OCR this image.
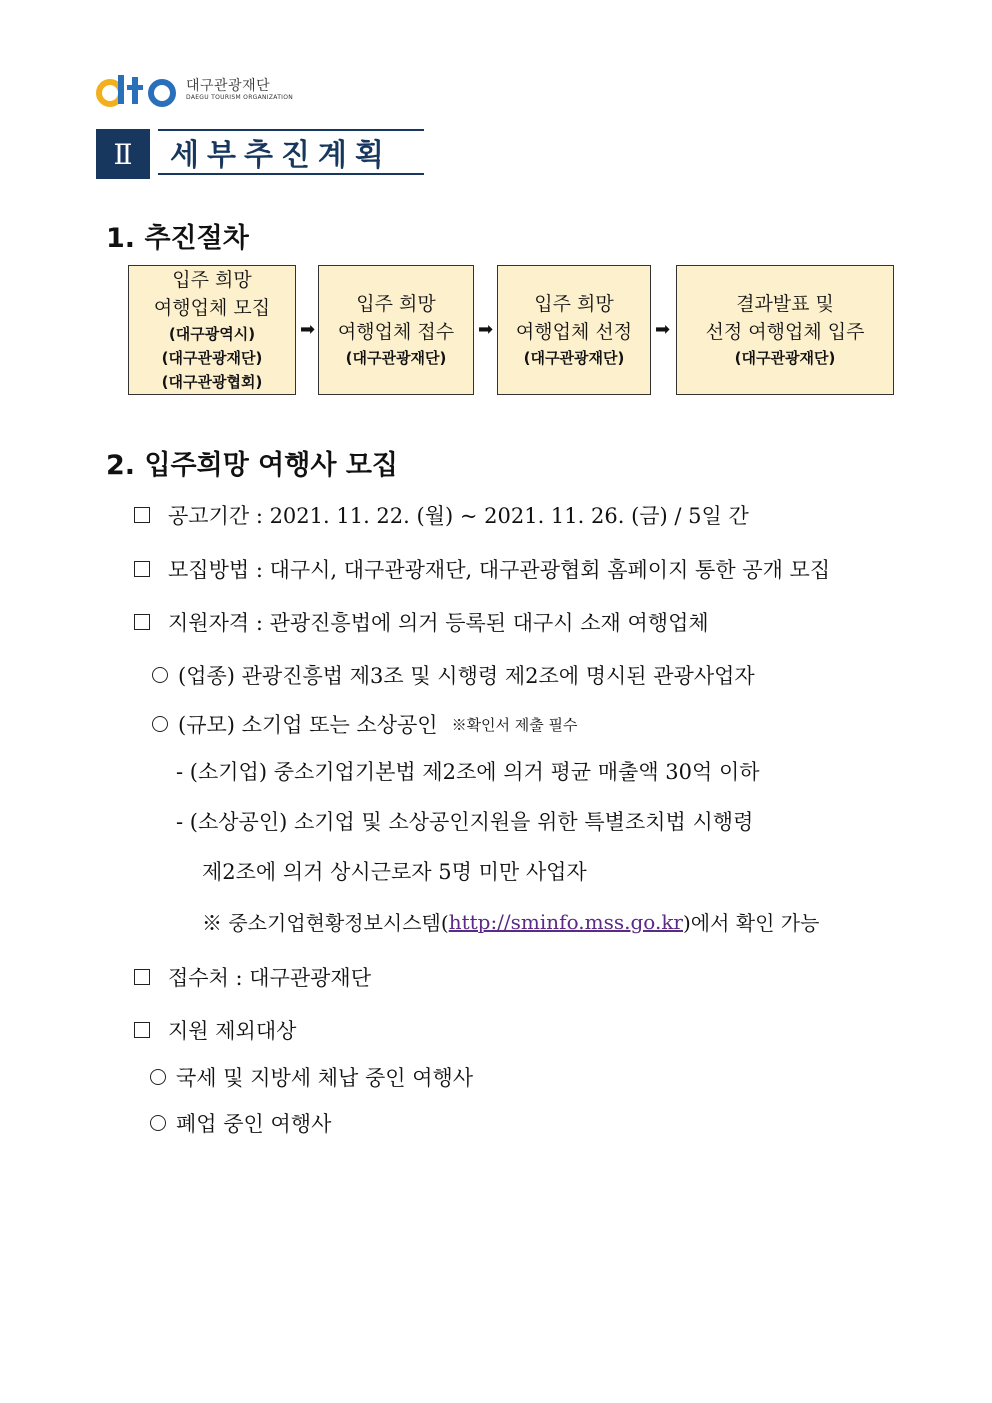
대구관광재단
DAEGU TOURISM ORGANIZATION
Ⅱ	세부추진계획
1. 추진절차
입주 희망
여행업체 모집
(대구광역시)
(대구관광재단)
(대구관광협회)
➡
입주 희망
여행업체 접수
(대구관광재단)
➡
입주 희망
여행업체 선정
(대구관광재단)
➡
결과발표 및
선정 여행업체 입주
(대구관광재단)
2. 입주희망 여행사 모집
공고기간 : 2021. 11. 22. (월) ~ 2021. 11. 26. (금) / 5일 간
모집방법 : 대구시, 대구관광재단, 대구관광협회 홈페이지 통한 공개 모집
지원자격 : 관광진흥법에 의거 등록된 대구시 소재 여행업체
(업종) 관광진흥법 제3조 및 시행령 제2조에 명시된 관광사업자
(규모) 소기업 또는 소상공인 ※확인서 제출 필수
- (소기업) 중소기업기본법 제2조에 의거 평균 매출액 30억 이하
- (소상공인) 소기업 및 소상공인지원을 위한 특별조치법 시행령
제2조에 의거 상시근로자 5명 미만 사업자
※ 중소기업현황정보시스템( http://sminfo.mss.go.kr )에서 확인 가능
접수처 : 대구관광재단
지원 제외대상
국세 및 지방세 체납 중인 여행사
폐업 중인 여행사
